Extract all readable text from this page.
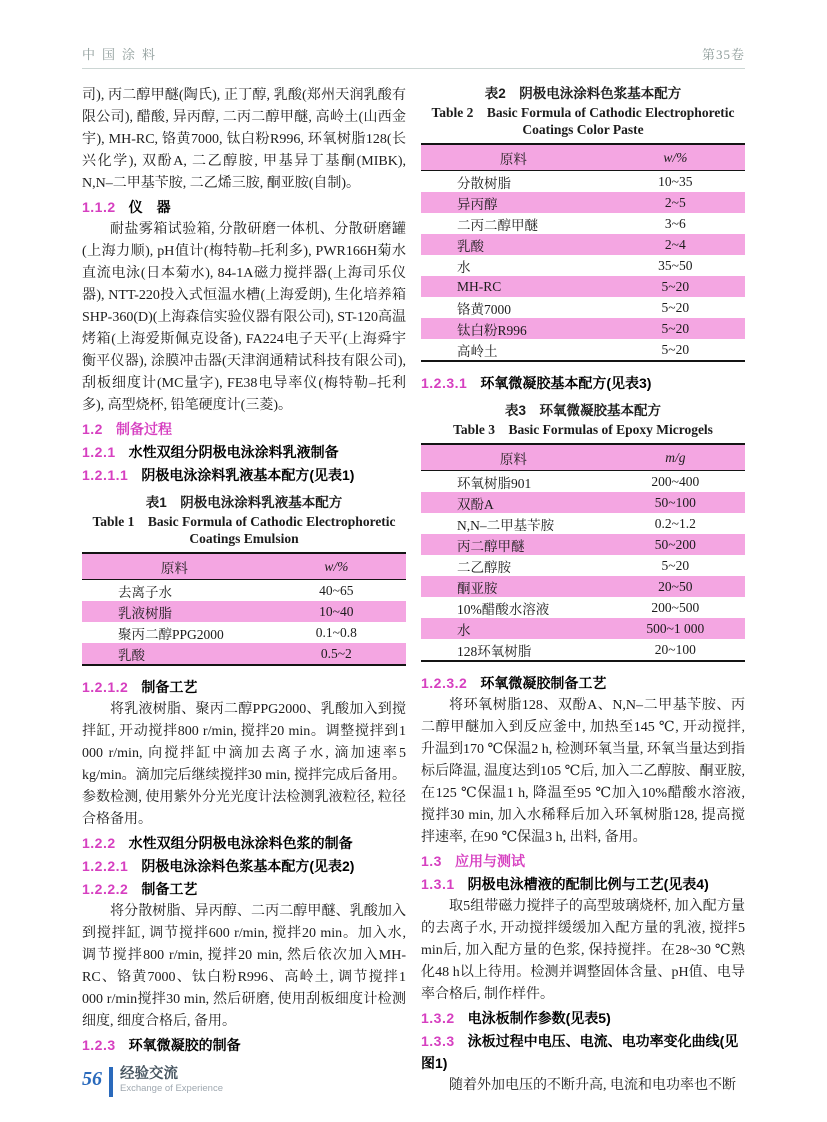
中国涂料	第35卷

司), 丙二醇甲醚(陶氏), 正丁醇, 乳酸(郑州天润乳酸有限公司), 醋酸, 异丙醇, 二丙二醇甲醚, 高岭土(山西金宇), MH-RC, 铬黄7000, 钛白粉R996, 环氧树脂128(长兴化学), 双酚A, 二乙醇胺, 甲基异丁基酮(MIBK), N,N–二甲基苄胺, 二乙烯三胺, 酮亚胺(自制)。

1.1.2 仪　器

耐盐雾箱试验箱, 分散研磨一体机、分散研磨罐(上海力顺), pH值计(梅特勒–托利多), PWR166H菊水直流电泳(日本菊水), 84-1A磁力搅拌器(上海司乐仪器), NTT-220投入式恒温水槽(上海爱朗), 生化培养箱SHP-360(D)(上海森信实验仪器有限公司), ST-120高温烤箱(上海爱斯佩克设备), FA224电子天平(上海舜宇衡平仪器), 涂膜冲击器(天津润通精试科技有限公司), 刮板细度计(MC量字), FE38电导率仪(梅特勒–托利多), 高型烧杯, 铅笔硬度计(三菱)。

1.2 制备过程
1.2.1 水性双组分阴极电泳涂料乳液制备
1.2.1.1 阴极电泳涂料乳液基本配方(见表1)
表1　阴极电泳涂料乳液基本配方
Table 1　Basic Formula of Cathodic Electrophoretic Coatings Emulsion
原料	w/%
去离子水	40~65
乳液树脂	10~40
聚丙二醇PPG2000	0.1~0.8
乳酸	0.5~2
1.2.1.2 制备工艺

将乳液树脂、聚丙二醇PPG2000、乳酸加入到搅拌缸, 开动搅拌800 r/min, 搅拌20 min。调整搅拌到1 000 r/min, 向搅拌缸中滴加去离子水, 滴加速率5 kg/min。滴加完后继续搅拌30 min, 搅拌完成后备用。参数检测, 使用紫外分光光度计法检测乳液粒径, 粒径合格备用。

1.2.2 水性双组分阴极电泳涂料色浆的制备
1.2.2.1 阴极电泳涂料色浆基本配方(见表2)
1.2.2.2 制备工艺

将分散树脂、异丙醇、二丙二醇甲醚、乳酸加入到搅拌缸, 调节搅拌600 r/min, 搅拌20 min。加入水, 调节搅拌800 r/min, 搅拌20 min, 然后依次加入MH-RC、铬黄7000、钛白粉R996、高岭土, 调节搅拌1 000 r/min搅拌30 min, 然后研磨, 使用刮板细度计检测细度, 细度合格后, 备用。

1.2.3 环氧微凝胶的制备
表2　阴极电泳涂料色浆基本配方
Table 2　Basic Formula of Cathodic Electrophoretic Coatings Color Paste
原料	w/%
分散树脂	10~35
异丙醇	2~5
二丙二醇甲醚	3~6
乳酸	2~4
水	35~50
MH-RC	5~20
铬黄7000	5~20
钛白粉R996	5~20
高岭土	5~20
1.2.3.1 环氧微凝胶基本配方(见表3)
表3　环氧微凝胶基本配方
Table 3　Basic Formulas of Epoxy Microgels
原料	m/g
环氧树脂901	200~400
双酚A	50~100
N,N–二甲基苄胺	0.2~1.2
丙二醇甲醚	50~200
二乙醇胺	5~20
酮亚胺	20~50
10%醋酸水溶液	200~500
水	500~1 000
128环氧树脂	20~100
1.2.3.2 环氧微凝胶制备工艺

将环氧树脂128、双酚A、N,N–二甲基苄胺、丙二醇甲醚加入到反应釜中, 加热至145 ℃, 开动搅拌, 升温到170 ℃保温2 h, 检测环氧当量, 环氧当量达到指标后降温, 温度达到105 ℃后, 加入二乙醇胺、酮亚胺, 在125 ℃保温1 h, 降温至95 ℃加入10%醋酸水溶液, 搅拌30 min, 加入水稀释后加入环氧树脂128, 提高搅拌速率, 在90 ℃保温3 h, 出料, 备用。

1.3 应用与测试
1.3.1 阴极电泳槽液的配制比例与工艺(见表4)

取5组带磁力搅拌子的高型玻璃烧杯, 加入配方量的去离子水, 开动搅拌缓缓加入配方量的乳液, 搅拌5 min后, 加入配方量的色浆, 保持搅拌。在28~30 ℃熟化48 h以上待用。检测并调整固体含量、pH值、电导率合格后, 制作样件。

1.3.2 电泳板制作参数(见表5)
1.3.3 泳板过程中电压、电流、电功率变化曲线(见图1)

随着外加电压的不断升高, 电流和电功率也不断

56 经验交流
Exchange of Experience
